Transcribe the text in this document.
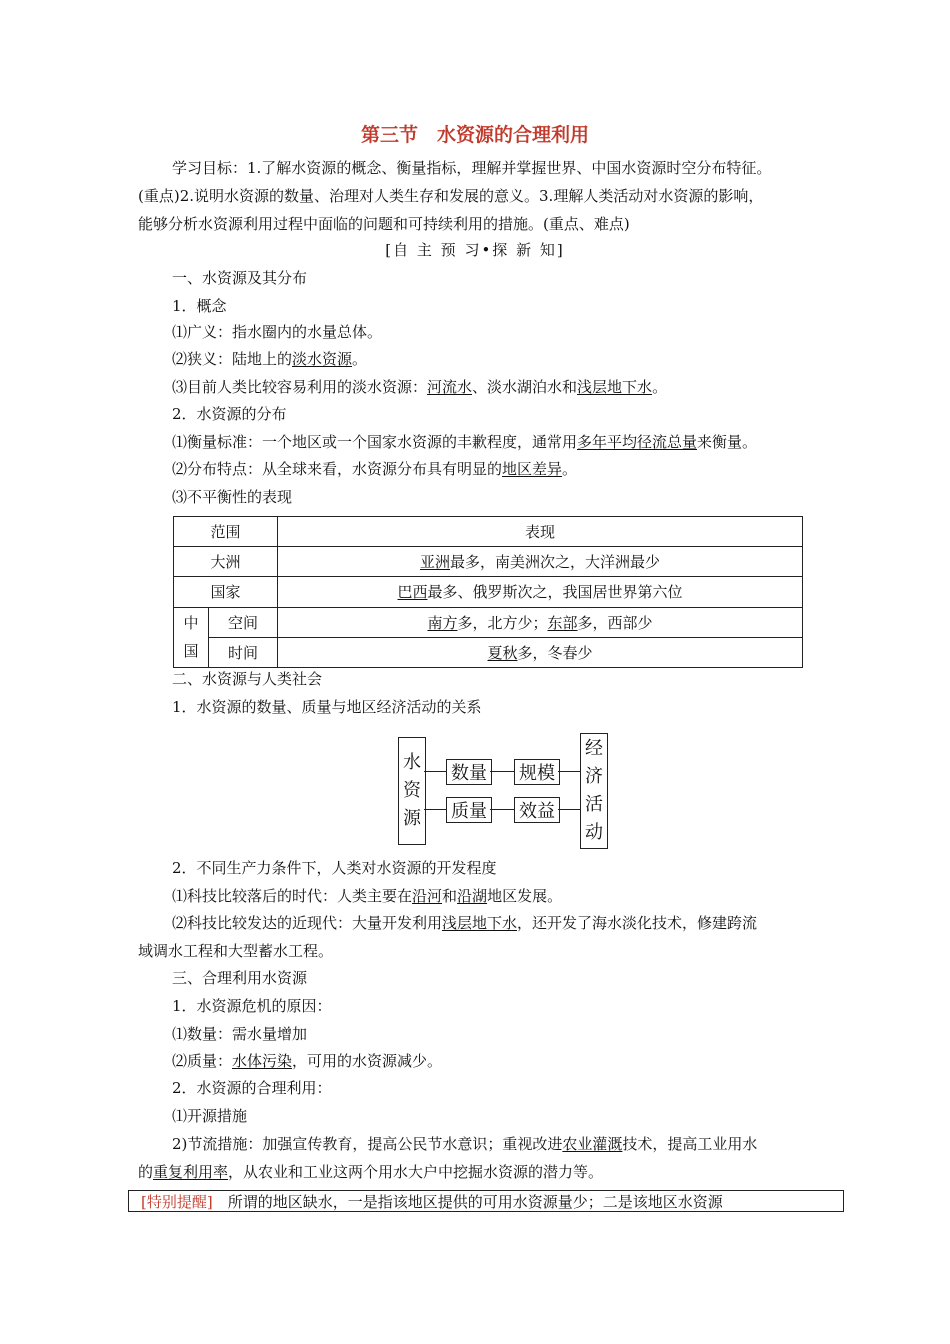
第三节　水资源的合理利用
学习目标：1.了解水资源的概念、衡量指标，理解并掌握世界、中国水资源时空分布特征。
(重点)2.说明水资源的数量、治理对人类生存和发展的意义。3.理解人类活动对水资源的影响，
能够分析水资源利用过程中面临的问题和可持续利用的措施。(重点、难点)
[自 主 预 习•探 新 知]
一、水资源及其分布
1．概念
⑴广义：指水圈内的水量总体。
⑵狭义：陆地上的淡水资源。
⑶目前人类比较容易利用的淡水资源：河流水、淡水湖泊水和浅层地下水。
2．水资源的分布
⑴衡量标准：一个地区或一个国家水资源的丰歉程度，通常用多年平均径流总量来衡量。
⑵分布特点：从全球来看，水资源分布具有明显的地区差异。
⑶不平衡性的表现
范围		表现
大洲		亚洲最多，南美洲次之，大洋洲最少
国家		巴西最多、俄罗斯次之，我国居世界第六位

中
国	空间	南方多，北方少；东部多，西部少
	时间	夏秋多，冬春少
二、水资源与人类社会
1．水资源的数量、质量与地区经济活动的关系
水
资
源
数量 规模
质量 效益
经
济
活
动
2．不同生产力条件下，人类对水资源的开发程度
⑴科技比较落后的时代：人类主要在沿河和沿湖地区发展。
⑵科技比较发达的近现代：大量开发利用浅层地下水，还开发了海水淡化技术，修建跨流
域调水工程和大型蓄水工程。
三、合理利用水资源
1．水资源危机的原因：
⑴数量：需水量增加
⑵质量：水体污染，可用的水资源减少。
2．水资源的合理利用：
⑴开源措施
2)节流措施：加强宣传教育，提高公民节水意识；重视改进农业灌溉技术，提高工业用水
的重复利用率，从农业和工业这两个用水大户中挖掘水资源的潜力等。
[特别提醒]　所谓的地区缺水，一是指该地区提供的可用水资源量少；二是该地区水资源
